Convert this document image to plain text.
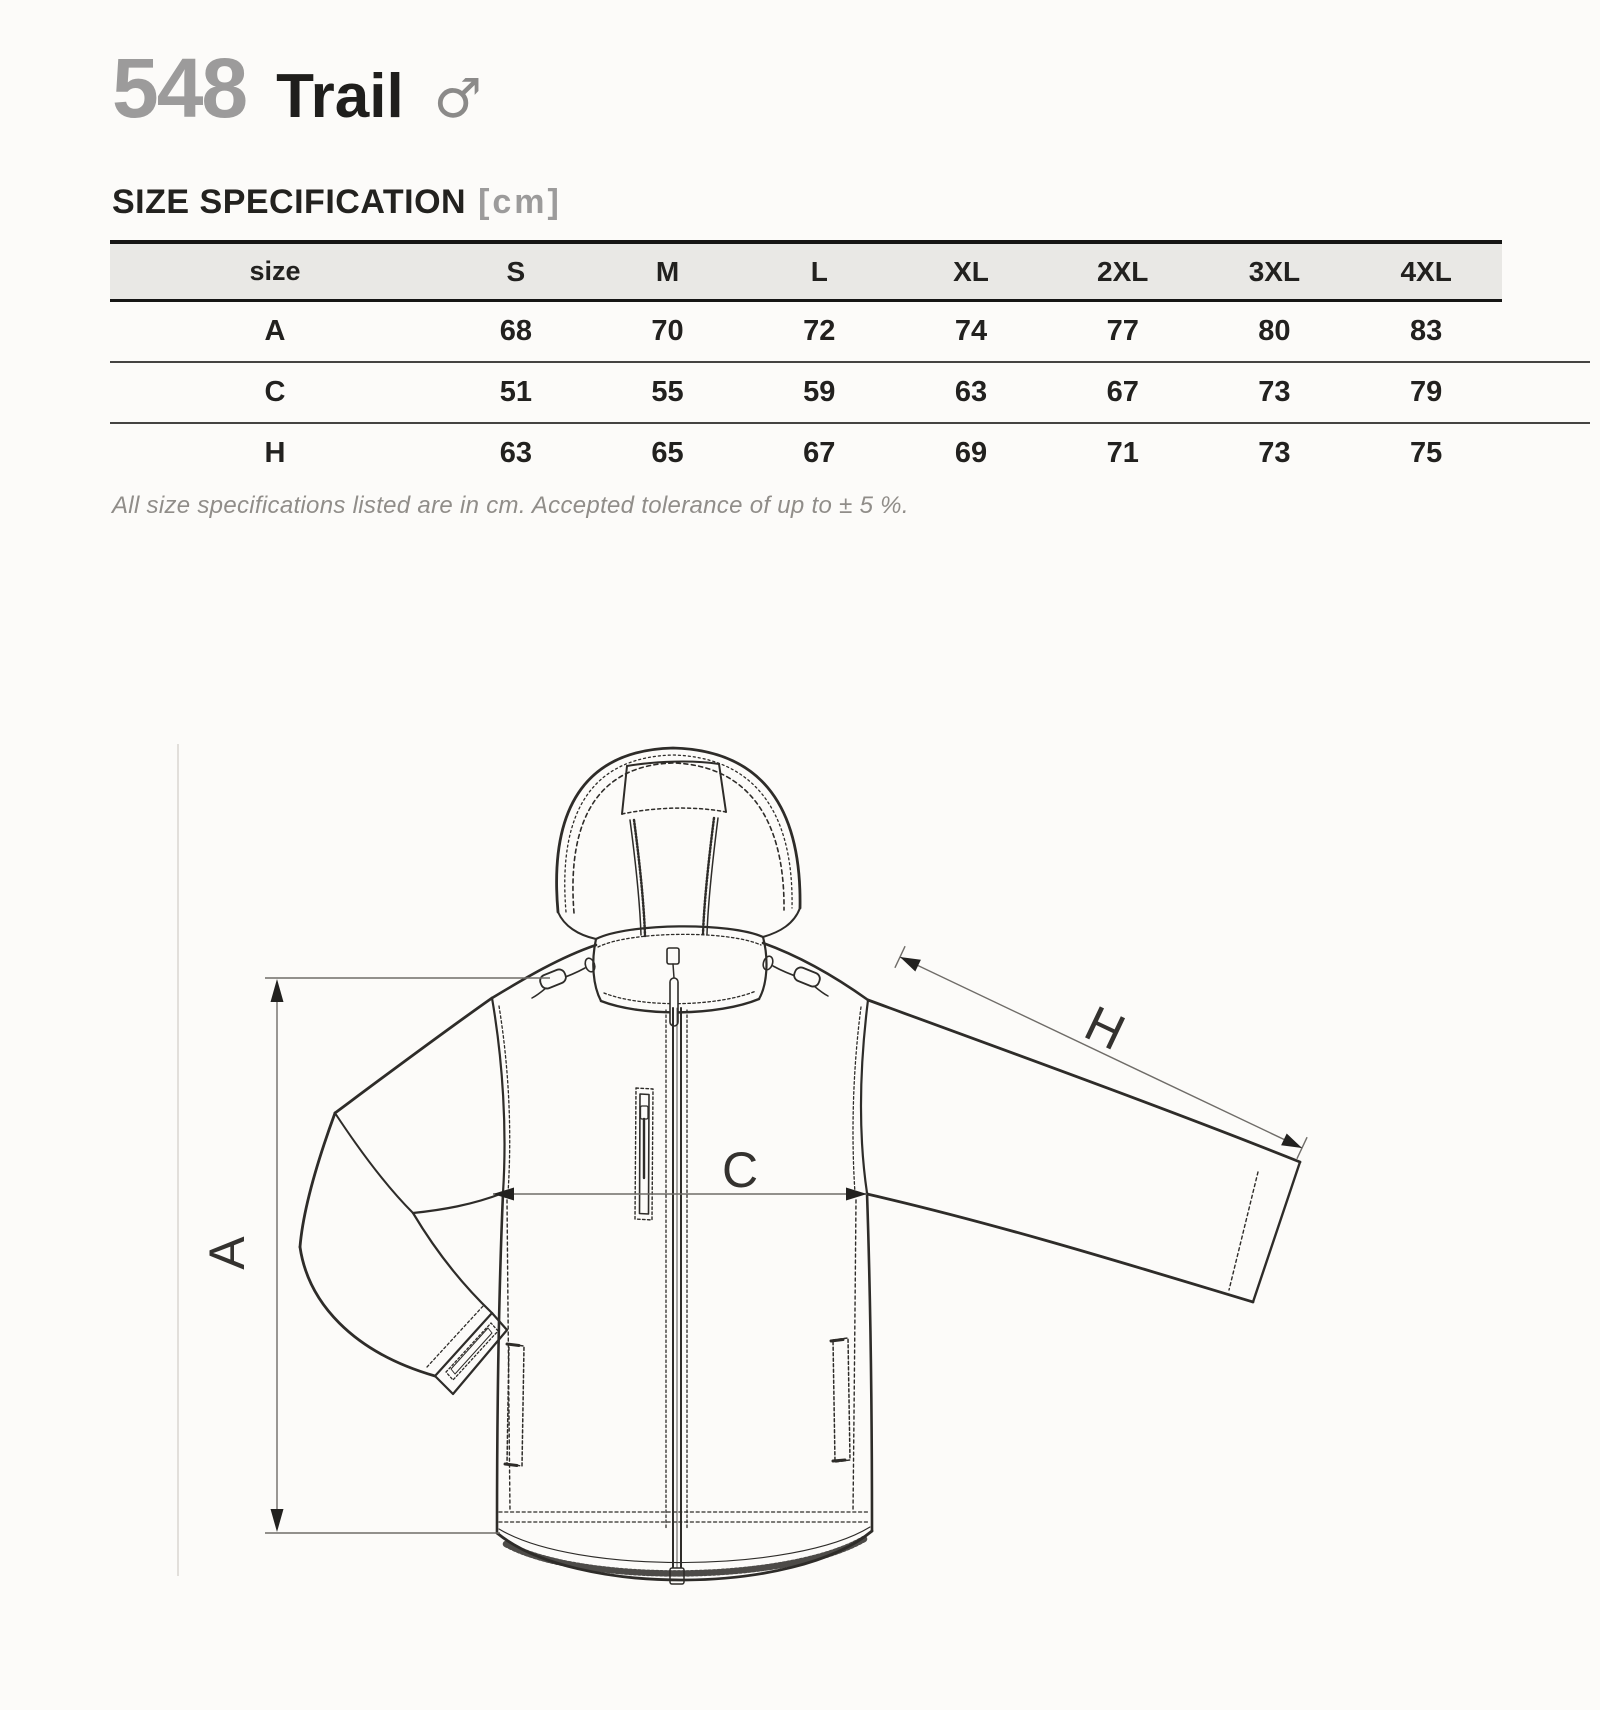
548 Trail ♂
SIZE SPECIFICATION [cm]
size	S	M	L	XL	2XL	3XL	4XL
A	68	70	72	74	77	80	83
C	51	55	59	63	67	73	79
H	63	65	67	69	71	73	75
All size specifications listed are in cm. Accepted tolerance of up to ± 5 %.
A
C
H
